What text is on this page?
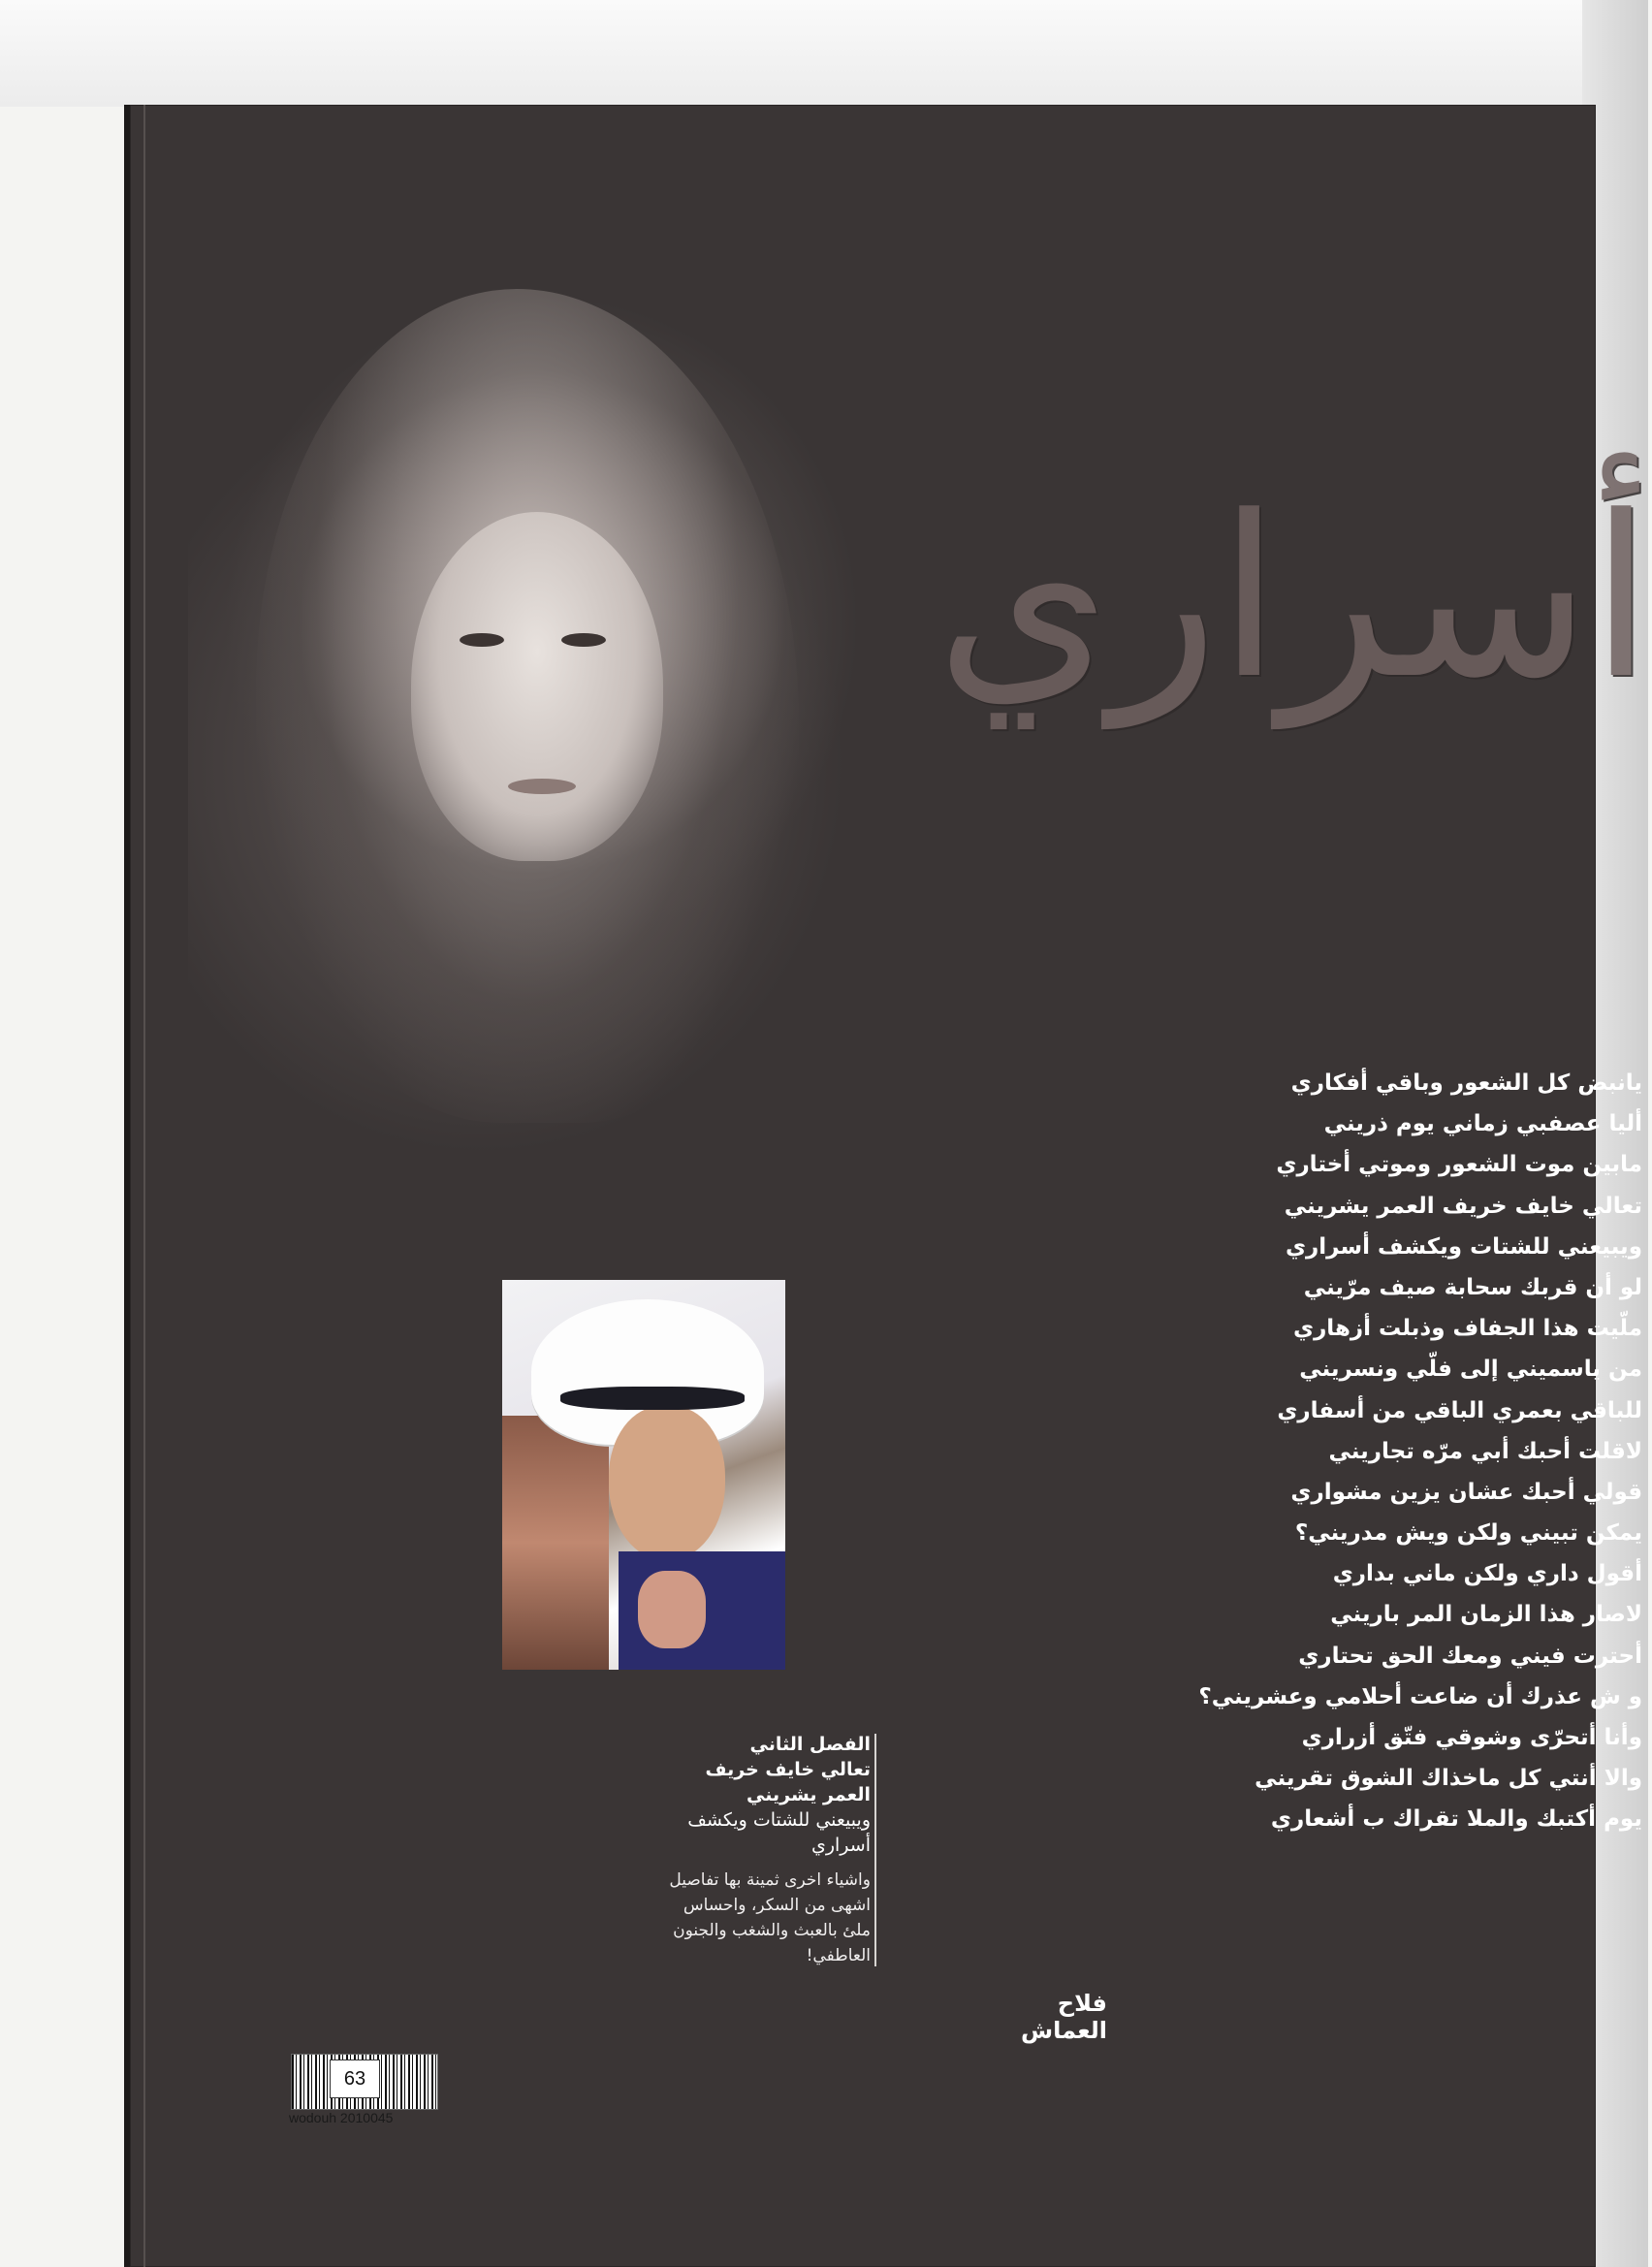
أسراري
يانبض كل الشعور وباقي أفكاري
أليا عصفبي زماني يوم ذريني
مابين موت الشعور وموتي أختاري
تعالي خايف خريف العمر يشريني
ويبيعني للشتات ويكشف أسراري
لو أن قربك سحابة صيف مرّيني
ملّيت هذا الجفاف وذبلت أزهاري
من ياسميني إلى فلّي ونسريني
للباقي بعمري الباقي من أسفاري
لاقلت أحبك أبي مرّه تجاريني
قولي أحبك عشان يزين مشواري
يمكن تبيني ولكن ويش مدريني؟
أقول داري ولكن ماني بداري
لاصار هذا الزمان المر باريني
أحترت فيني ومعك الحق تحتاري
و ش عذرك أن ضاعت أحلامي وعشريني؟
وأنا أتحرّى وشوقي فتّق أزراري
والا أنتي كل ماخذاك الشوق تقريني
يوم أكتبك والملا تقراك ب أشعاري
فلاح العماش
الفصل الثاني
تعالي خايف خريف العمر يشريني
ويبيعني للشتات ويكشف أسراري
واشياء اخرى ثمينة بها تفاصيل اشهى من السكر، واحساس ملئ بالعبث والشغب والجنون العاطفي!
63
wodouh 2010045
